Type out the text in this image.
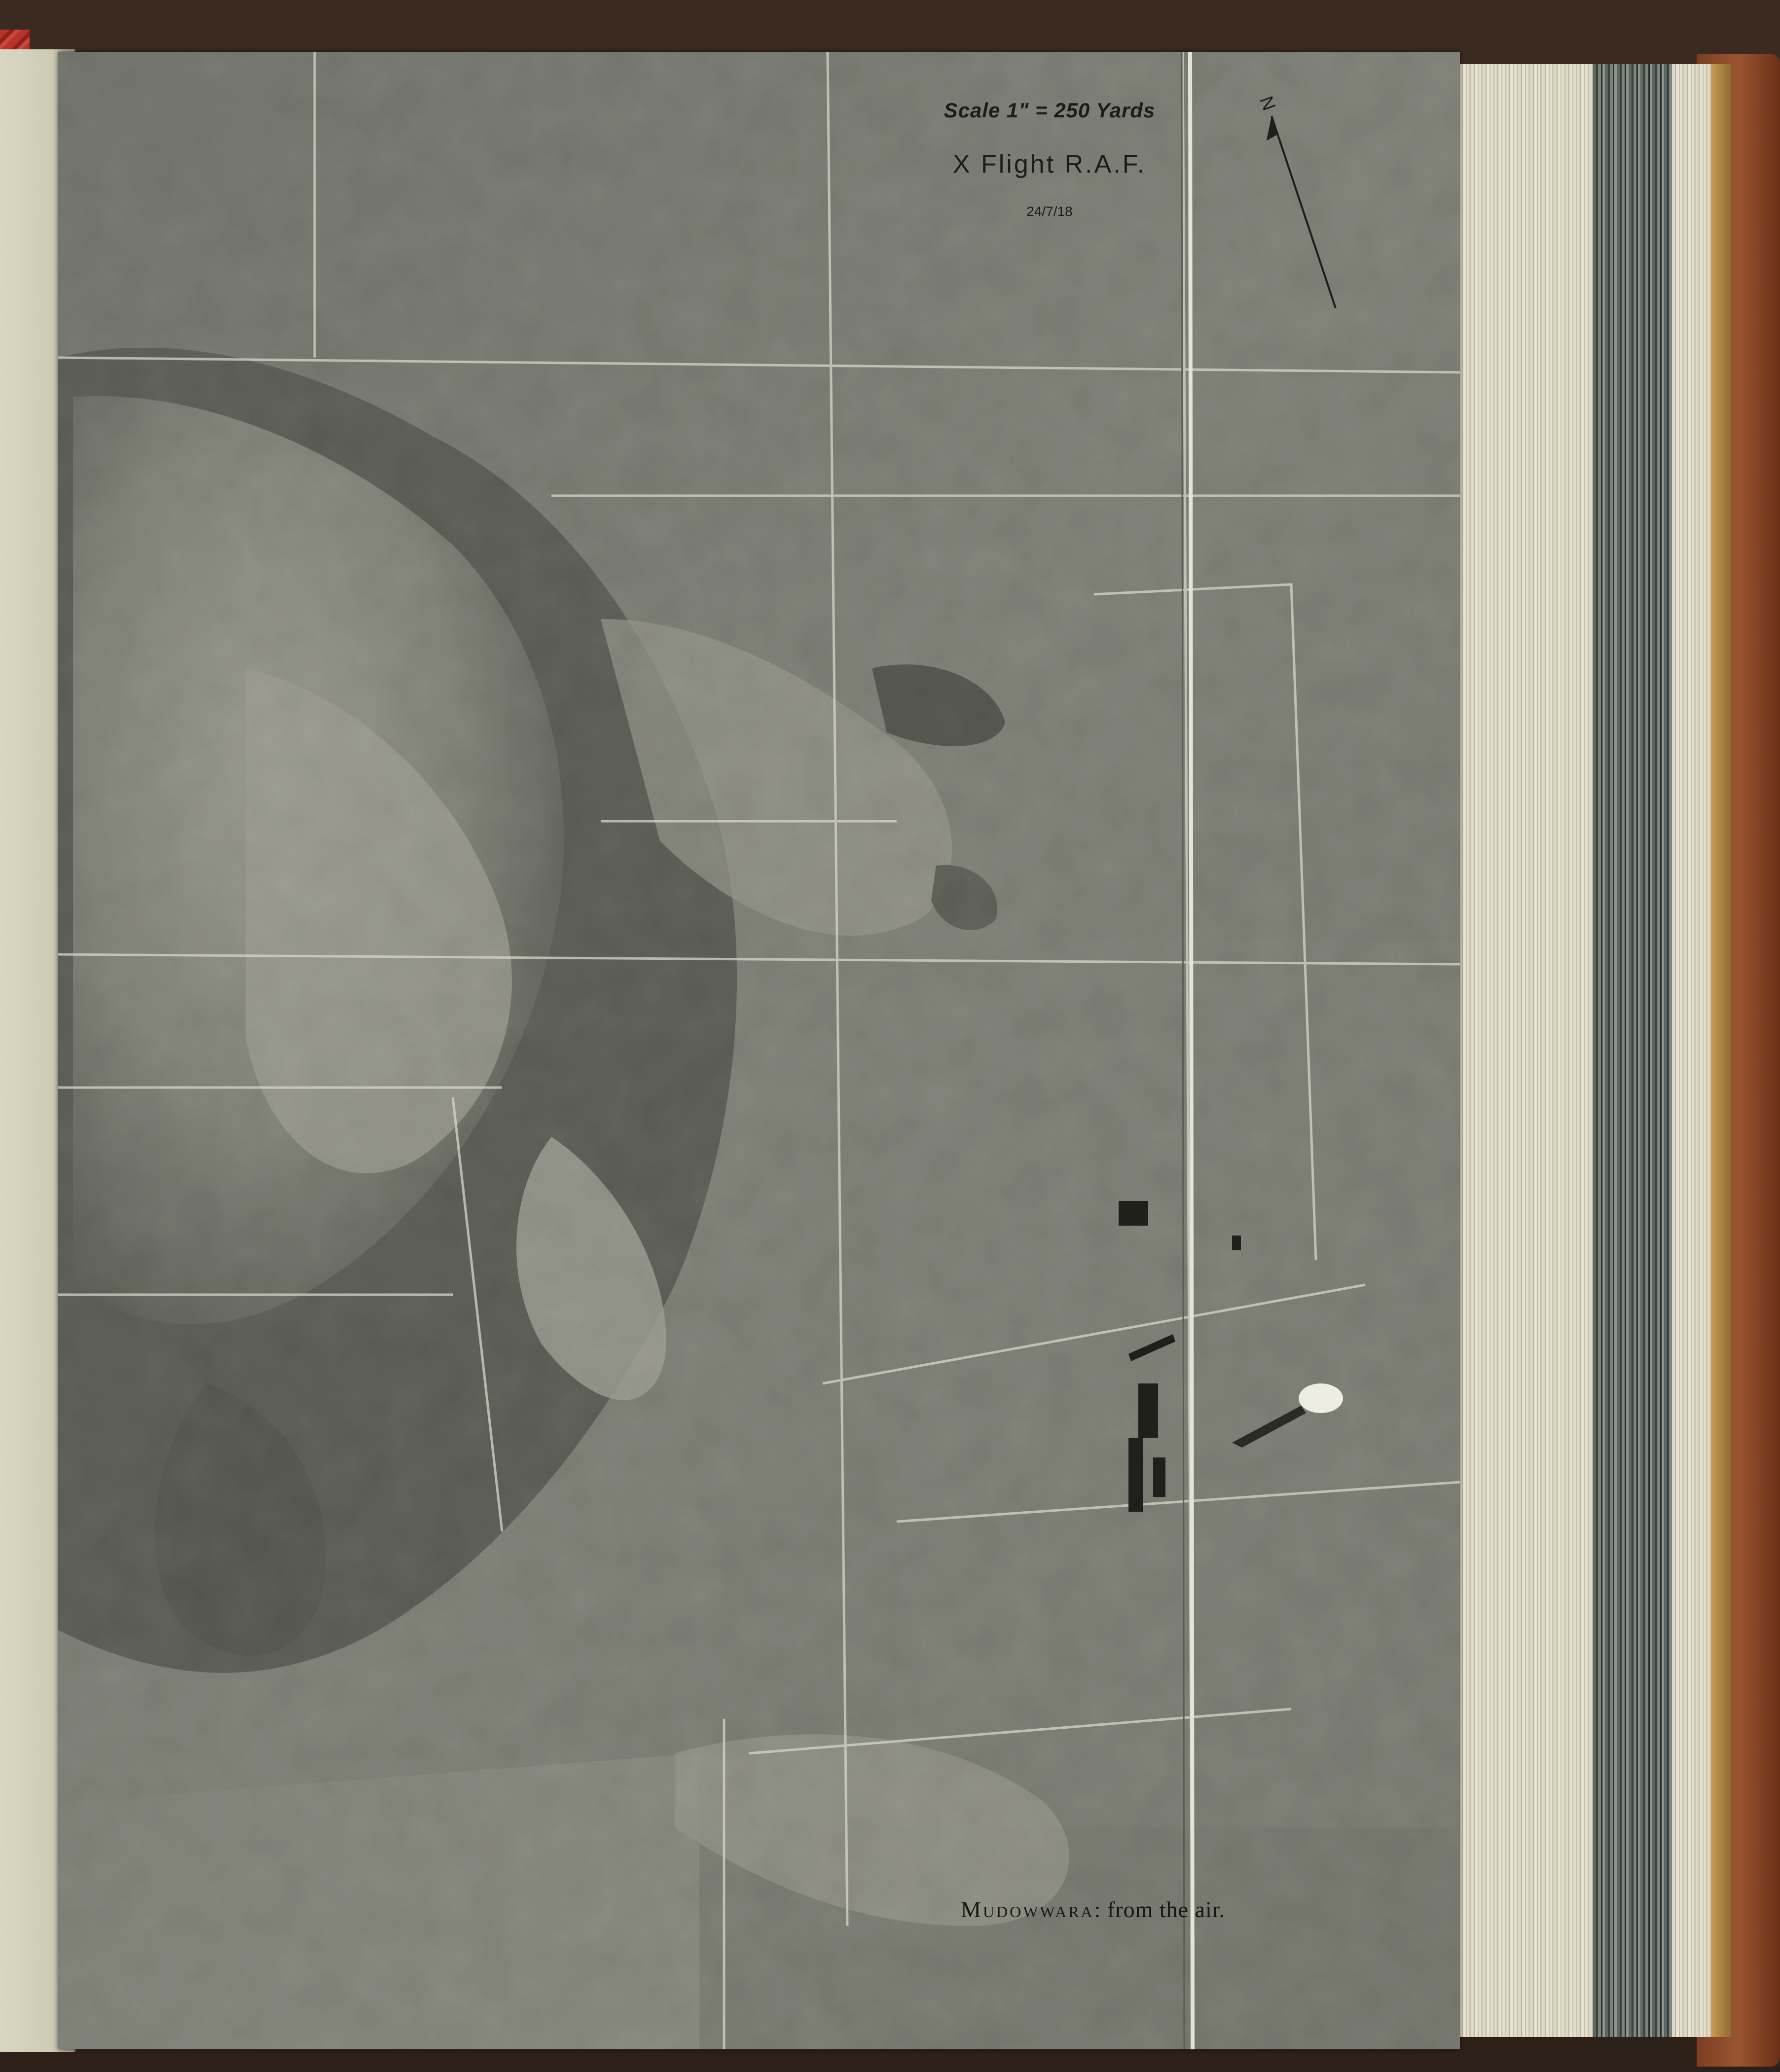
Scale 1" = 250 Yards
X Flight R.A.F.
24/7/18
N
Mudowwara: from the air.
